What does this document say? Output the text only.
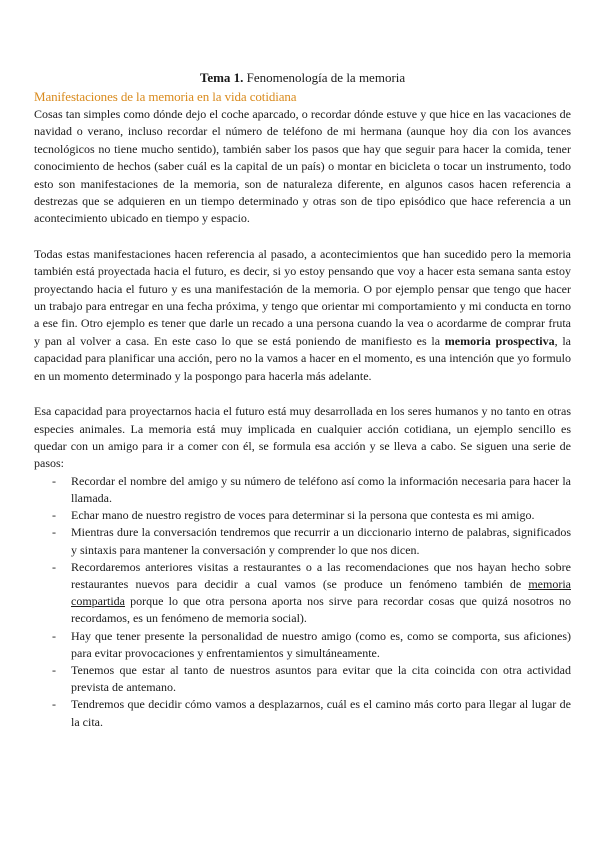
Tema 1. Fenomenología de la memoria
Manifestaciones de la memoria en la vida cotidiana

Cosas tan simples como dónde dejo el coche aparcado, o recordar dónde estuve y que hice en las vacaciones de navidad o verano, incluso recordar el número de teléfono de mi hermana (aunque hoy dia con los avances tecnológicos no tiene mucho sentido), también saber los pasos que hay que seguir para hacer la comida, tener conocimiento de hechos (saber cuál es la capital de un país) o montar en bicicleta o tocar un instrumento, todo esto son manifestaciones de la memoria, son de naturaleza diferente, en algunos casos hacen referencia a destrezas que se adquieren en un tiempo determinado y otras son de tipo episódico que hace referencia a un acontecimiento ubicado en tiempo y espacio.

Todas estas manifestaciones hacen referencia al pasado, a acontecimientos que han sucedido pero la memoria también está proyectada hacia el futuro, es decir, si yo estoy pensando que voy a hacer esta semana santa estoy proyectando hacia el futuro y es una manifestación de la memoria. O por ejemplo pensar que tengo que hacer un trabajo para entregar en una fecha próxima, y tengo que orientar mi comportamiento y mi conducta en torno a ese fin. Otro ejemplo es tener que darle un recado a una persona cuando la vea o acordarme de comprar fruta y pan al volver a casa. En este caso lo que se está poniendo de manifiesto es la memoria prospectiva, la capacidad para planificar una acción, pero no la vamos a hacer en el momento, es una intención que yo formulo en un momento determinado y la pospongo para hacerla más adelante.

Esa capacidad para proyectarnos hacia el futuro está muy desarrollada en los seres humanos y no tanto en otras especies animales. La memoria está muy implicada en cualquier acción cotidiana, un ejemplo sencillo es quedar con un amigo para ir a comer con él, se formula esa acción y se lleva a cabo. Se siguen una serie de pasos:

- Recordar el nombre del amigo y su número de teléfono así como la información necesaria para hacer la llamada.
- Echar mano de nuestro registro de voces para determinar si la persona que contesta es mi amigo.
- Mientras dure la conversación tendremos que recurrir a un diccionario interno de palabras, significados y sintaxis para mantener la conversación y comprender lo que nos dicen.
- Recordaremos anteriores visitas a restaurantes o a las recomendaciones que nos hayan hecho sobre restaurantes nuevos para decidir a cual vamos (se produce un fenómeno también de memoria compartida porque lo que otra persona aporta nos sirve para recordar cosas que quizá nosotros no recordamos, es un fenómeno de memoria social).
- Hay que tener presente la personalidad de nuestro amigo (como es, como se comporta, sus aficiones) para evitar provocaciones y enfrentamientos y simultáneamente.
- Tenemos que estar al tanto de nuestros asuntos para evitar que la cita coincida con otra actividad prevista de antemano.
- Tendremos que decidir cómo vamos a desplazarnos, cuál es el camino más corto para llegar al lugar de la cita.
